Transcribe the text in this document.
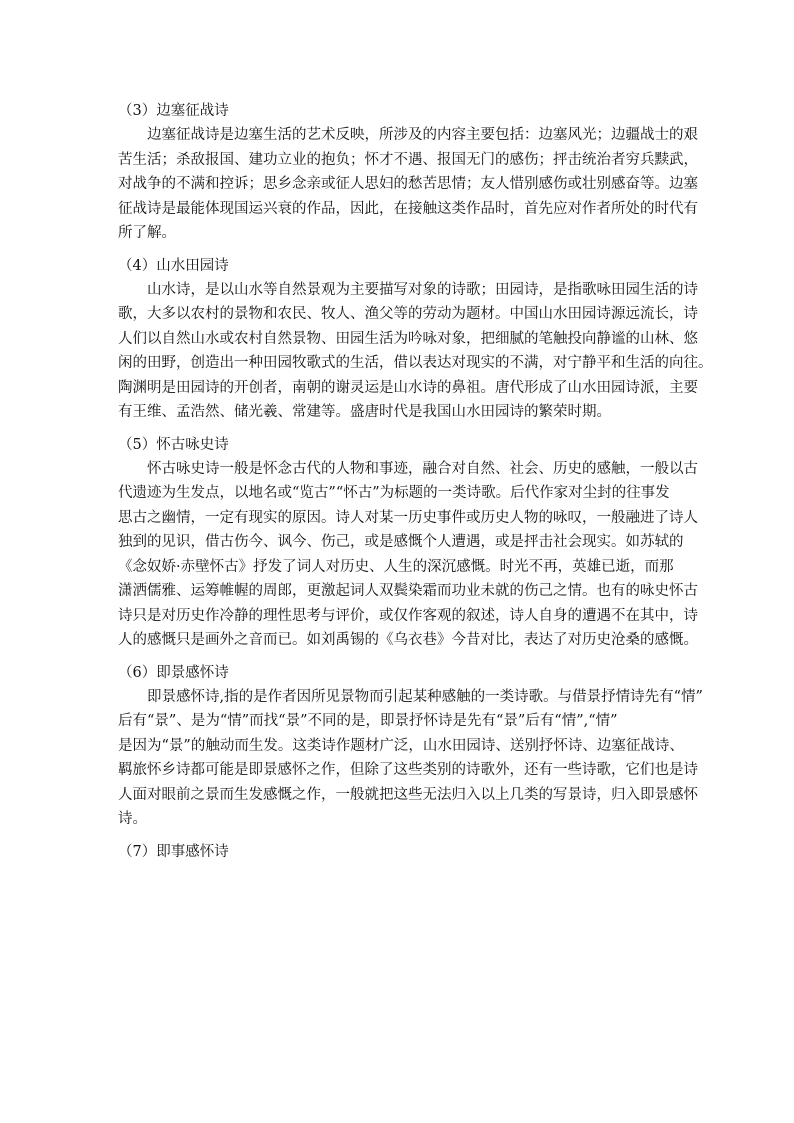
（3）边塞征战诗
边塞征战诗是边塞生活的艺术反映，所涉及的内容主要包括：边塞风光；边疆战士的艰
苦生活；杀敌报国、建功立业的抱负；怀才不遇、报国无门的感伤；抨击统治者穷兵黩武，
对战争的不满和控诉；思乡念亲或征人思妇的愁苦思情；友人惜别感伤或壮别感奋等。边塞
征战诗是最能体现国运兴衰的作品，因此，在接触这类作品时，首先应对作者所处的时代有
所了解。
（4）山水田园诗
山水诗，是以山水等自然景观为主要描写对象的诗歌；田园诗，是指歌咏田园生活的诗
歌，大多以农村的景物和农民、牧人、渔父等的劳动为题材。中国山水田园诗源远流长，诗
人们以自然山水或农村自然景物、田园生活为吟咏对象，把细腻的笔触投向静谧的山林、悠
闲的田野，创造出一种田园牧歌式的生活，借以表达对现实的不满，对宁静平和生活的向往。
陶渊明是田园诗的开创者，南朝的谢灵运是山水诗的鼻祖。唐代形成了山水田园诗派，主要
有王维、孟浩然、储光羲、常建等。盛唐时代是我国山水田园诗的繁荣时期。
（5）怀古咏史诗
怀古咏史诗一般是怀念古代的人物和事迹，融合对自然、社会、历史的感触，一般以古
代遗迹为生发点，以地名或“览古”“怀古”为标题的一类诗歌。后代作家对尘封的往事发
思古之幽情，一定有现实的原因。诗人对某一历史事件或历史人物的咏叹，一般融进了诗人
独到的见识，借古伤今、讽今、伤己，或是感慨个人遭遇，或是抨击社会现实。如苏轼的
《念奴娇·赤壁怀古》抒发了词人对历史、人生的深沉感慨。时光不再，英雄已逝，而那
潇洒儒雅、运筹帷幄的周郎，更激起词人双鬓染霜而功业未就的伤己之情。也有的咏史怀古
诗只是对历史作冷静的理性思考与评价，或仅作客观的叙述，诗人自身的遭遇不在其中，诗
人的感慨只是画外之音而已。如刘禹锡的《乌衣巷》今昔对比，表达了对历史沧桑的感慨。
（6）即景感怀诗
即景感怀诗,指的是作者因所见景物而引起某种感触的一类诗歌。与借景抒情诗先有“情”
后有“景”、是为“情”而找“景”不同的是，即景抒怀诗是先有“景”后有“情”,“情”
是因为“景”的触动而生发。这类诗作题材广泛，山水田园诗、送别抒怀诗、边塞征战诗、
羁旅怀乡诗都可能是即景感怀之作，但除了这些类别的诗歌外，还有一些诗歌，它们也是诗
人面对眼前之景而生发感慨之作，一般就把这些无法归入以上几类的写景诗，归入即景感怀
诗。
（7）即事感怀诗
